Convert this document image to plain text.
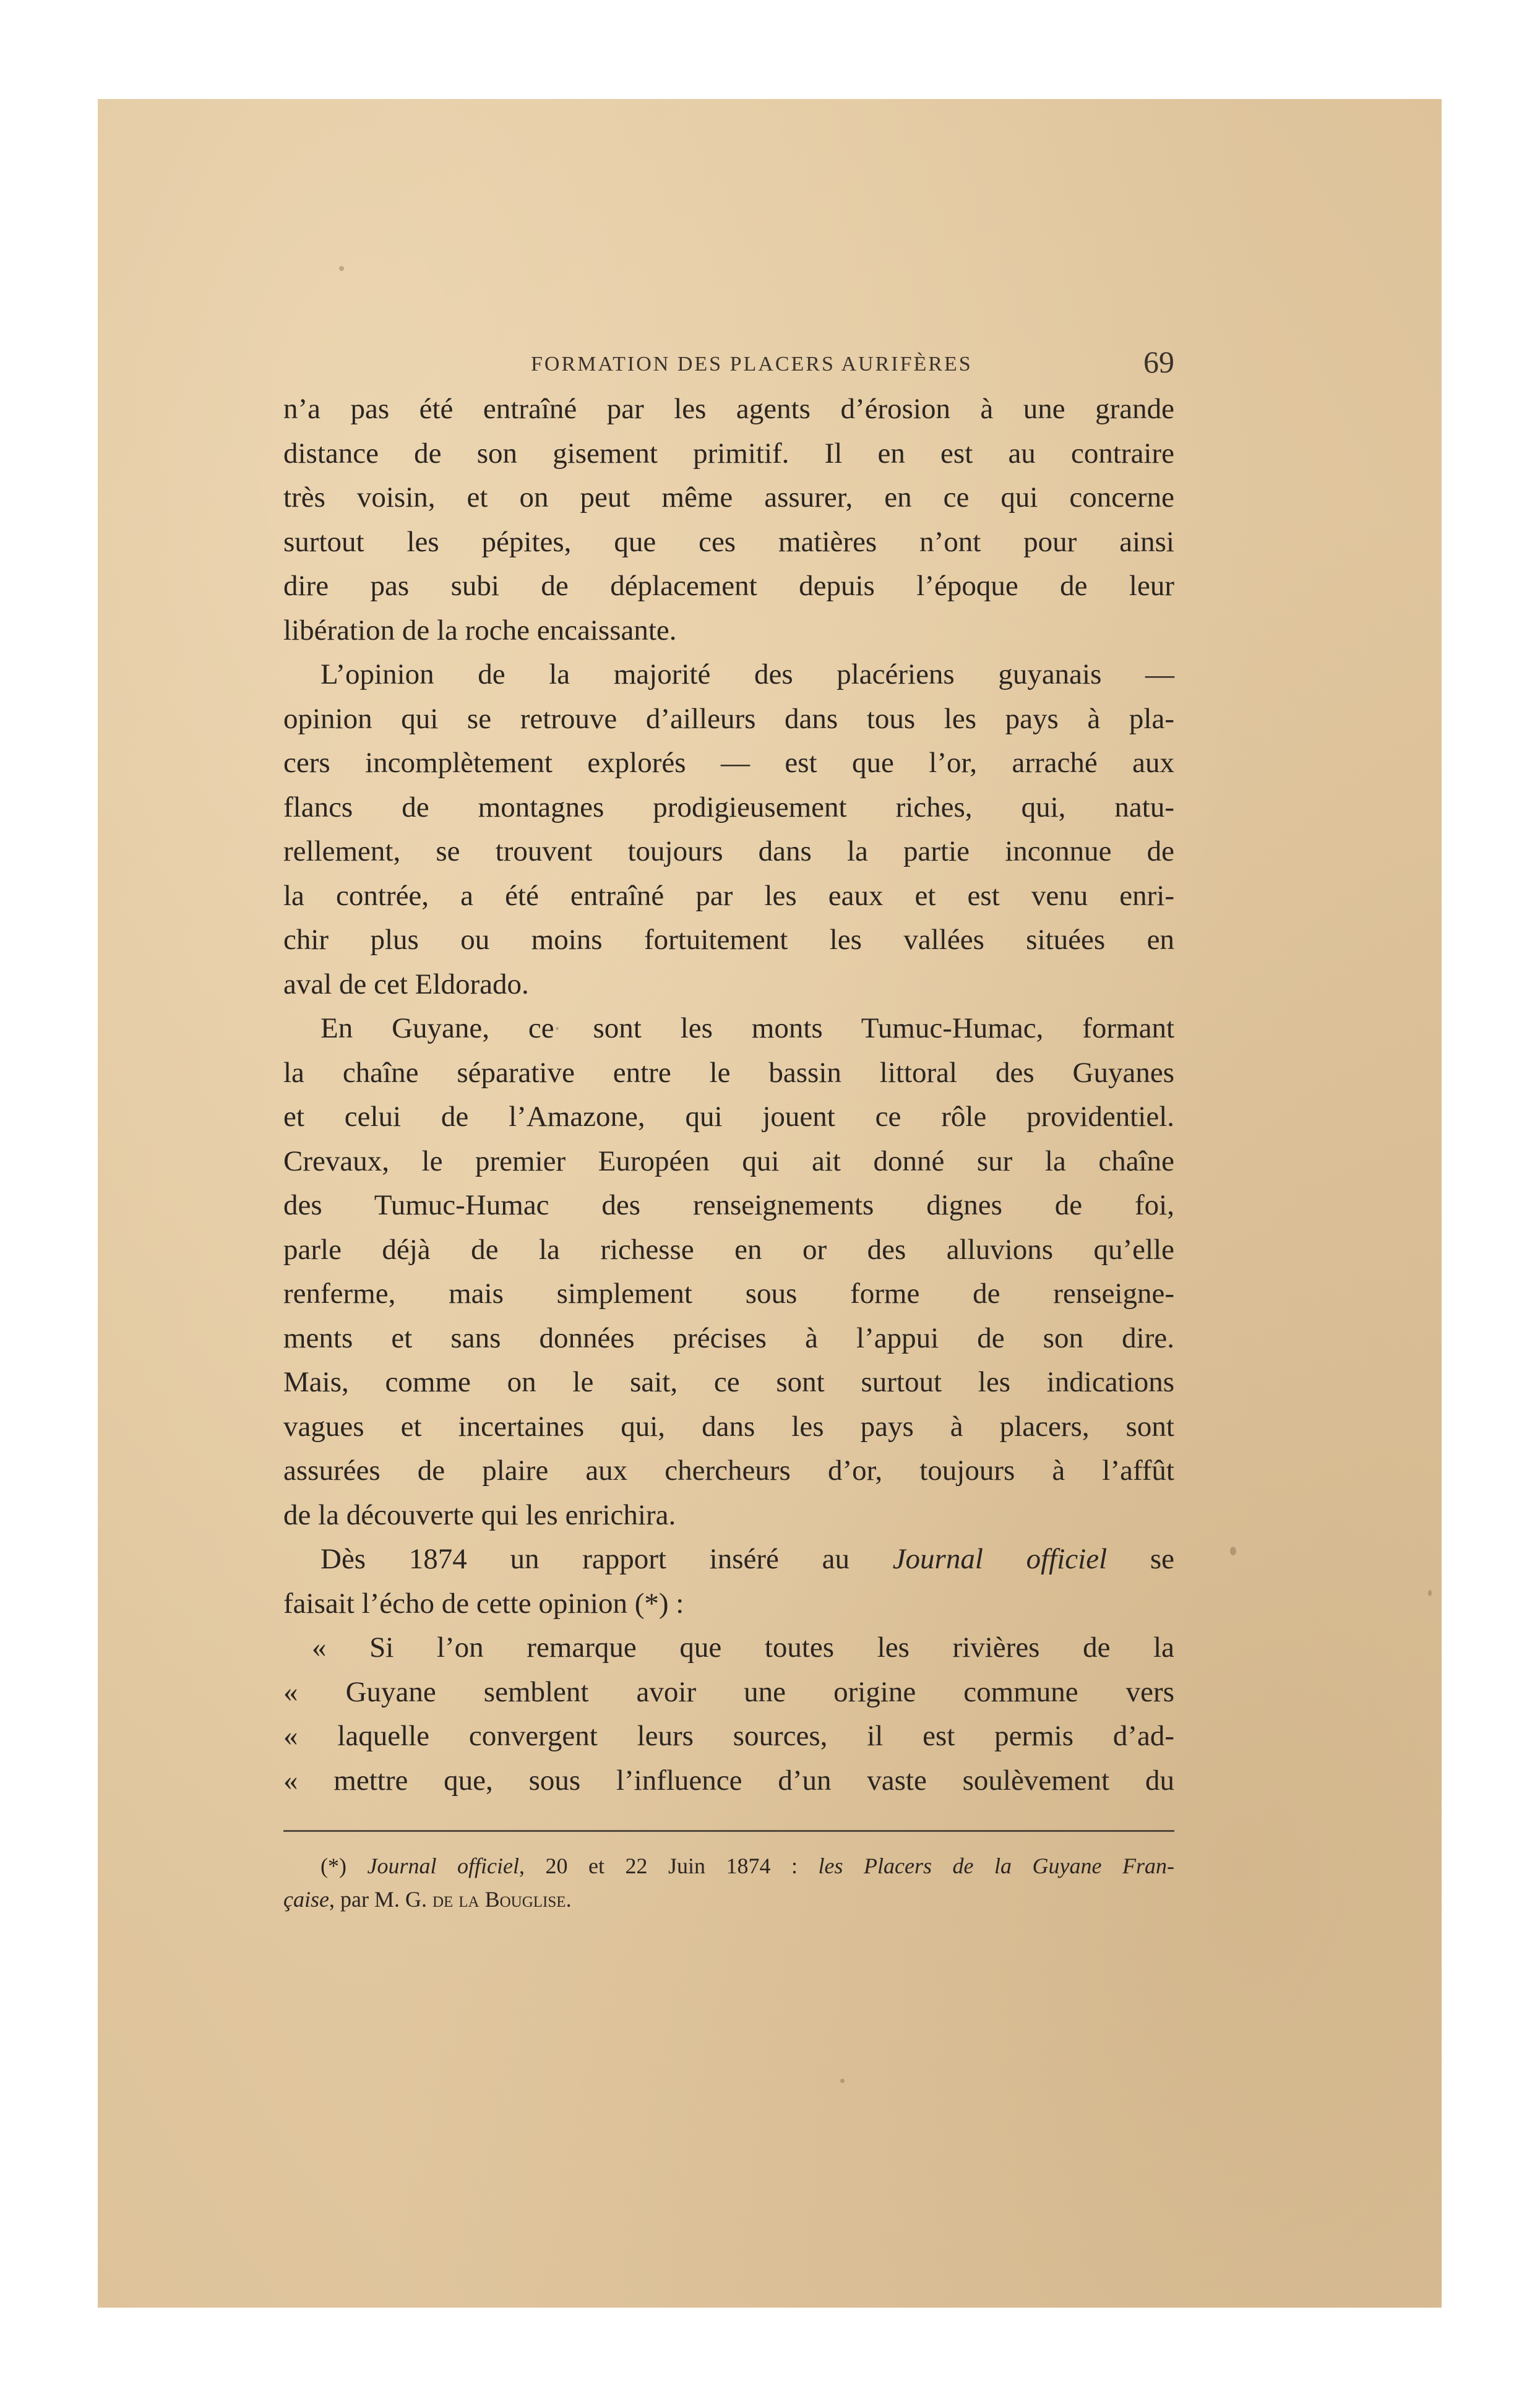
FORMATION DES PLACERS AURIFÈRES	69

n’a pas été entraîné par les agents d’érosion à une grande

distance de son gisement primitif. Il en est au contraire

très voisin, et on peut même assurer, en ce qui concerne

surtout les pépites, que ces matières n’ont pour ainsi

dire pas subi de déplacement depuis l’époque de leur

libération de la roche encaissante.

L’opinion de la majorité des placériens guyanais —

opinion qui se retrouve d’ailleurs dans tous les pays à pla-

cers incomplètement explorés — est que l’or, arraché aux

flancs de montagnes prodigieusement riches, qui, natu-

rellement, se trouvent toujours dans la partie inconnue de

la contrée, a été entraîné par les eaux et est venu enri-

chir plus ou moins fortuitement les vallées situées en

aval de cet Eldorado.

En Guyane, ce sont les monts Tumuc-Humac, formant

la chaîne séparative entre le bassin littoral des Guyanes

et celui de l’Amazone, qui jouent ce rôle providentiel.

Crevaux, le premier Européen qui ait donné sur la chaîne

des Tumuc-Humac des renseignements dignes de foi,

parle déjà de la richesse en or des alluvions qu’elle

renferme, mais simplement sous forme de renseigne-

ments et sans données précises à l’appui de son dire.

Mais, comme on le sait, ce sont surtout les indications

vagues et incertaines qui, dans les pays à placers, sont

assurées de plaire aux chercheurs d’or, toujours à l’affût

de la découverte qui les enrichira.

Dès 1874 un rapport inséré au Journal officiel se

faisait l’écho de cette opinion (*) :

« Si l’on remarque que toutes les rivières de la

« Guyane semblent avoir une origine commune vers

« laquelle convergent leurs sources, il est permis d’ad-

« mettre que, sous l’influence d’un vaste soulèvement du

(*) Journal officiel, 20 et 22 Juin 1874 : les Placers de la Guyane Fran-
çaise, par M. G. de la Bouglise.
